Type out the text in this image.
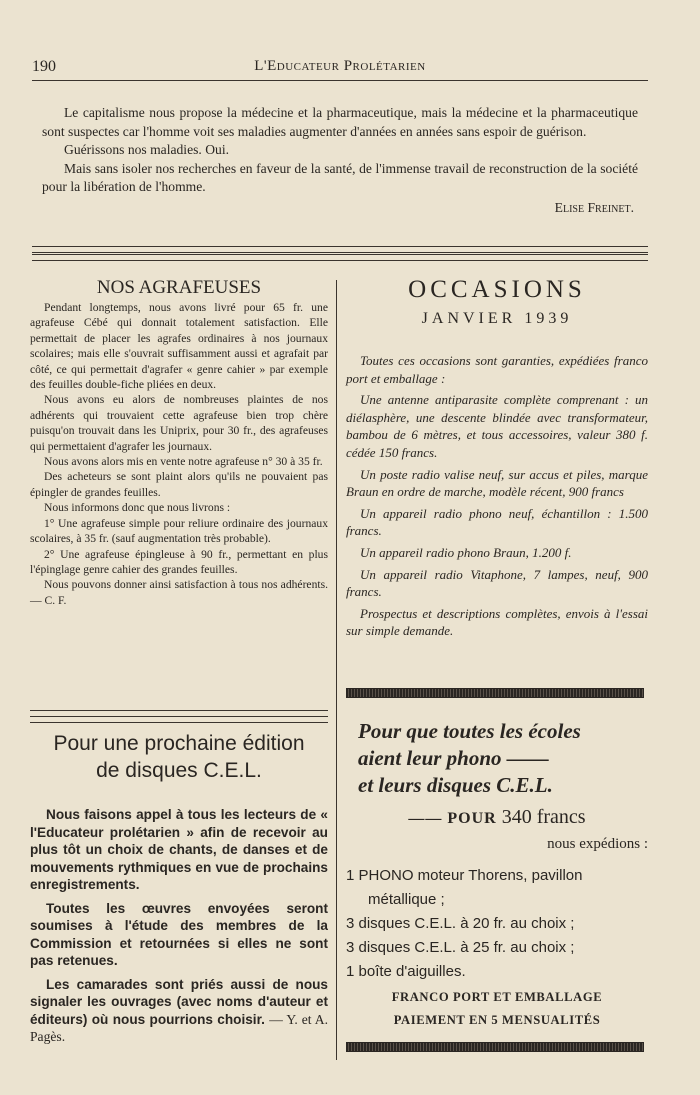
190	L'Educateur Prolétarien

Le capitalisme nous propose la médecine et la pharmaceutique, mais la médecine et la pharmaceutique sont suspectes car l'homme voit ses maladies augmenter d'années en années sans espoir de guérison.

Guérissons nos maladies. Oui.

Mais sans isoler nos recherches en faveur de la santé, de l'immense travail de reconstruction de la société pour la libération de l'homme.

Elise Freinet.
NOS AGRAFEUSES

Pendant longtemps, nous avons livré pour 65 fr. une agrafeuse Cébé qui donnait totalement satisfaction. Elle permettait de placer les agrafes ordinaires à nos journaux scolaires; mais elle s'ouvrait suffisamment aussi et agrafait par côté, ce qui permettait d'agrafer « genre cahier » par exemple des feuilles double-fiche pliées en deux.

Nous avons eu alors de nombreuses plaintes de nos adhérents qui trouvaient cette agrafeuse bien trop chère puisqu'on trouvait dans les Uniprix, pour 30 fr., des agrafeuses qui permettaient d'agrafer les journaux.

Nous avons alors mis en vente notre agrafeuse n° 30 à 35 fr.

Des acheteurs se sont plaint alors qu'ils ne pouvaient pas épingler de grandes feuilles.

Nous informons donc que nous livrons :

1° Une agrafeuse simple pour reliure ordinaire des journaux scolaires, à 35 fr. (sauf augmentation très probable).

2° Une agrafeuse épingleuse à 90 fr., permettant en plus l'épinglage genre cahier des grandes feuilles.

Nous pouvons donner ainsi satisfaction à tous nos adhérents. — C. F.

Pour une prochaine édition
de disques C.E.L.

Nous faisons appel à tous les lecteurs de « l'Educateur prolétarien » afin de recevoir au plus tôt un choix de chants, de danses et de mouvements rythmiques en vue de prochains enregistrements.

Toutes les œuvres envoyées seront soumises à l'étude des membres de la Commission et retournées si elles ne sont pas retenues.

Les camarades sont priés aussi de nous signaler les ouvrages (avec noms d'auteur et éditeurs) où nous pourrions choisir. — Y. et A. Pagès.

OCCASIONS
JANVIER 1939

Toutes ces occasions sont garanties, expédiées franco port et emballage :

Une antenne antiparasite complète comprenant : un diélasphère, une descente blindée avec transformateur, bambou de 6 mètres, et tous accessoires, valeur 380 f. cédée 150 francs.

Un poste radio valise neuf, sur accus et piles, marque Braun en ordre de marche, modèle récent, 900 francs

Un appareil radio phono neuf, échantillon : 1.500 francs.

Un appareil radio phono Braun, 1.200 f.

Un appareil radio Vitaphone, 7 lampes, neuf, 900 francs.

Prospectus et descriptions complètes, envois à l'essai sur simple demande.

Pour que toutes les écoles
aient leur phono ——
et leurs disques C.E.L.
—— POUR 340 francs
nous expédions :
1 PHONO moteur Thorens, pavillon métallique ;
3 disques C.E.L. à 20 fr. au choix ;
3 disques C.E.L. à 25 fr. au choix ;
1 boîte d'aiguilles.
FRANCO PORT ET EMBALLAGE
PAIEMENT EN 5 MENSUALITÉS
